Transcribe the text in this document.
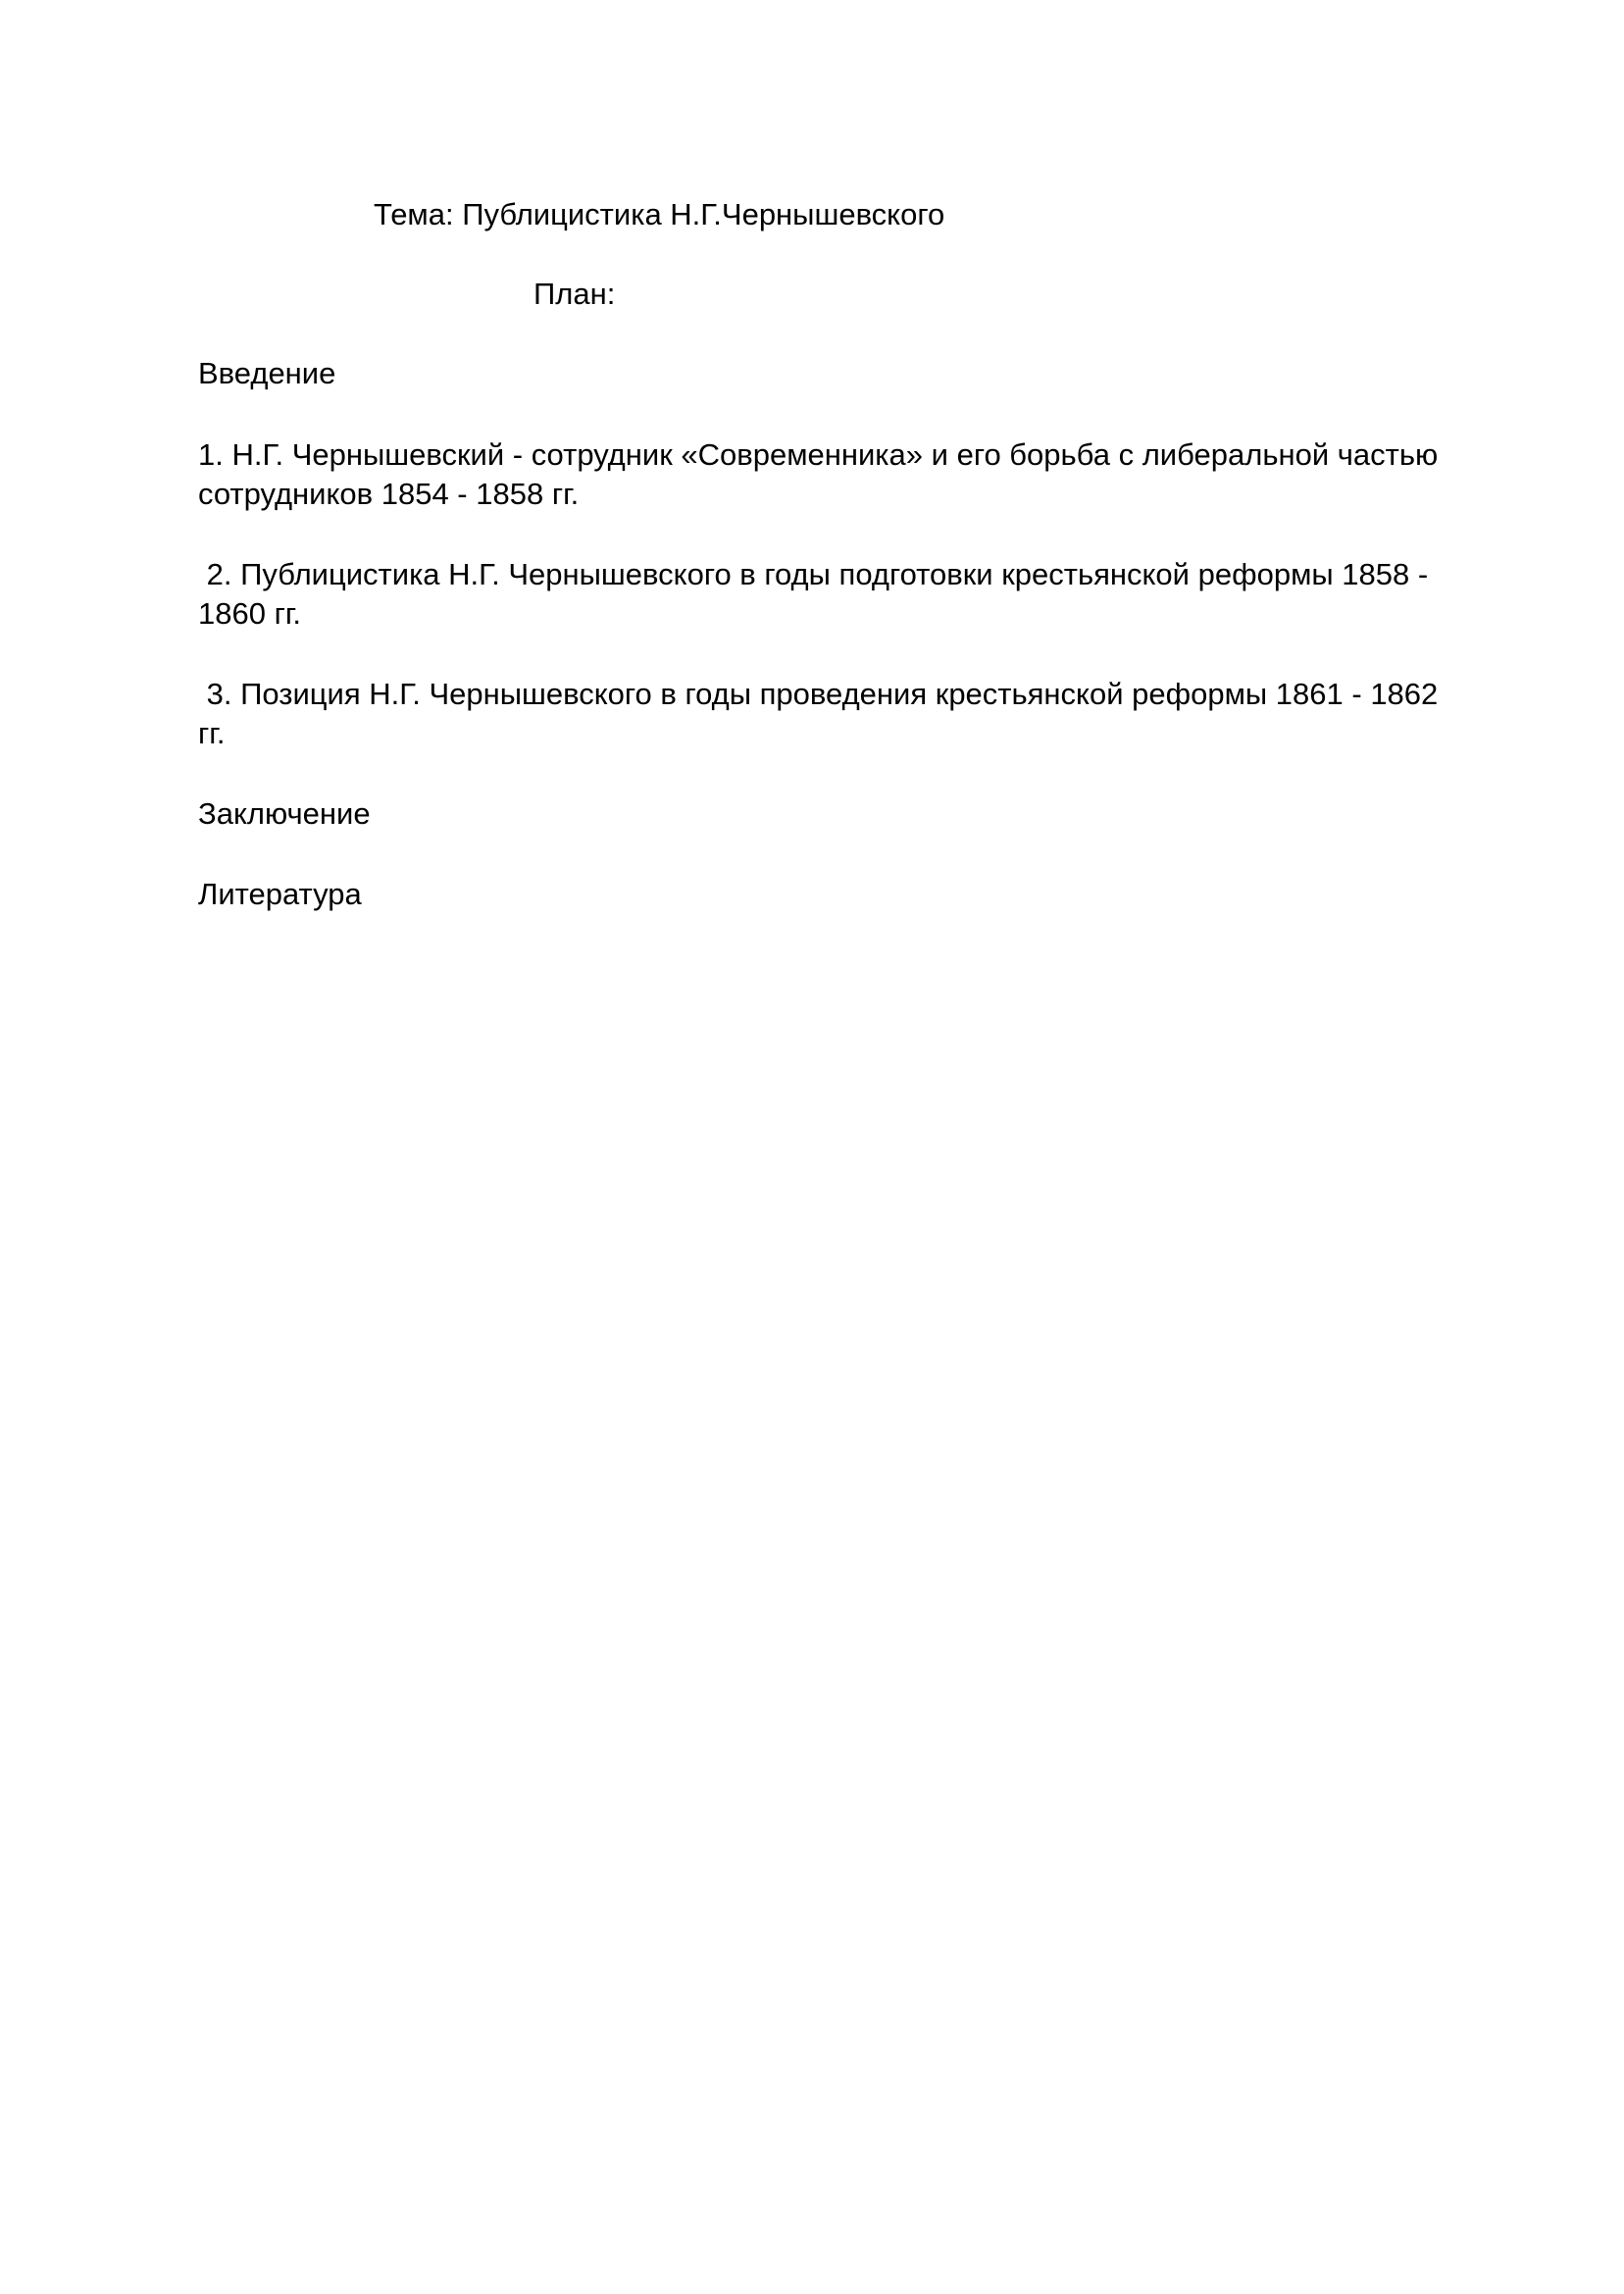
Тема: Публицистика Н.Г.Чернышевского

План:

Введение

1. Н.Г. Чернышевский - сотрудник «Современника» и его борьба с либеральной частью
сотрудников 1854 - 1858 гг.
2. Публицистика Н.Г. Чернышевского в годы подготовки крестьянской реформы 1858 -
1860 гг.
3. Позиция Н.Г. Чернышевского в годы проведения крестьянской реформы 1861 - 1862
гг.

Заключение

Литература
